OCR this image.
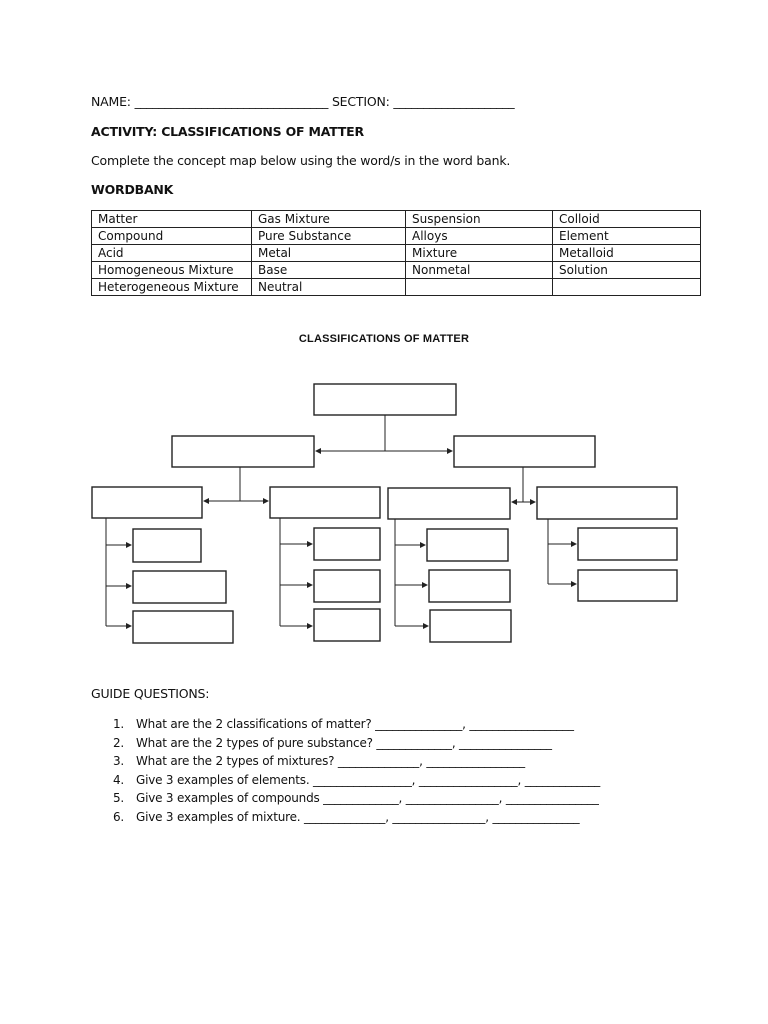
NAME: ________________________________ SECTION: ____________________
ACTIVITY: CLASSIFICATIONS OF MATTER
Complete the concept map below using the word/s in the word bank.
WORDBANK
Matter	Gas Mixture	Suspension	Colloid
Compound	Pure Substance	Alloys	Element
Acid	Metal	Mixture	Metalloid
Homogeneous Mixture	Base	Nonmetal	Solution
Heterogeneous Mixture	Neutral		
CLASSIFICATIONS OF MATTER
GUIDE QUESTIONS:
1. What are the 2 classifications of matter? _______________, __________________
2. What are the 2 types of pure substance? _____________, ________________
3. What are the 2 types of mixtures? ______________, _________________
4. Give 3 examples of elements. _________________, _________________, _____________
5. Give 3 examples of compounds _____________, ________________, ________________
6. Give 3 examples of mixture. ______________, ________________, _______________
